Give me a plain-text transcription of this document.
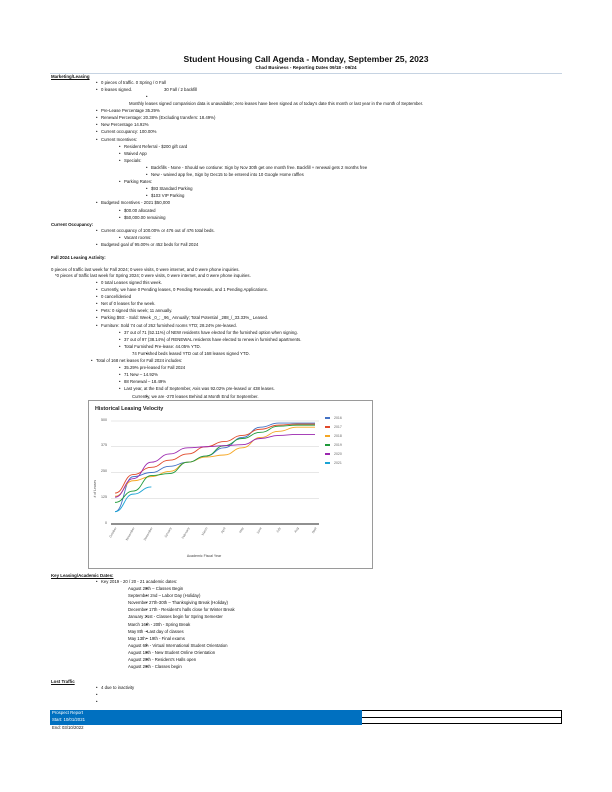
Student Housing Call Agenda - Monday, September 25, 2023
Chad Business - Reporting Dates 09/18 - 09/24
Marketing/Leasing
• 0 pieces of traffic. 0 Spring / 0 Fall
• 0 leases signed.	30 Fall / 2 backfill
•
Monthly leases signed comparision data is unavailable; zero leases have been signed as of today's date this month or last year in the month of September.
• Pre-Lease Percentage 35.29%
• Renewal Percentage: 20.38% (Excluding transfers: 18.49%)
• New Percentage 14.92%
• Current occupancy: 100.00%
• Current Incentives:
• Resident Referral - $200 gift card
• Waived App
• Specials:
• Backfills - None - Should we contiune: Sign by Nov 30th get one month free. Backfill + renewal gets 2 months free
• New - waived app fee, Sign by Dec15 to be entered into 10 Google Home raffles
• Parking Rates:
• $93 Standard Parking
• $103 VIP Parking
• Budgeted Incentives - 2021 $50,000
• $00.00 allocated
• $50,000.00 remaining
Current Occupancy:
• Current occupancy of 100.00% or 476 out of 476 total beds.
• Vacant rooms:
• Budgeted goal of 95.00% or 452 beds for Fall 2024
Fall 2024 Leasing Activity:
0 pieces of traffic last week for Fall 2024; 0 were visits, 0 were internet, and 0 were phone inquiries.
*0 pieces of traffic last week for Spring 2024; 0 were visits, 0 were internet, and 0 were phone inquiries.
• 0 total Leases signed this week.
• Currently, we have 0 Pending leases, 0 Pending Renewals, and 1 Pending Applications.
• 0 cancel/denied
• Net of 0 leases for the week.
• Pets: 0 signed this week; 11 annually.
• Parking $93: - Sold: Week _0_; _96_ Annually; Total Potential _288_/_33.33%_ Leased.
• Furniture: Sold 74 out of 262 furnished rooms YTD; 28.24% pre-leased.
• 37 out of 71 (52.11%) of NEW residents have elected for the furnished option when signing.
• 37 out of 97 (38.14%) of RENEWAL residents have elected to renew in furnished apartments.
• Total Furnished Pre-lease: 44.05% YTD.
• 74 Furnished beds leased YTD out of 168 leases signed YTD.
• Total of 168 net leases for Fall 2024 includes:
• 35.29% pre-leased for Fall 2024
• 71 New – 14.92%
• 88 Renewal – 18.49%
• Last year, at the End of September, Axis was 92.02% pre-leased or 438 leases.
• Currently, we are -270 leases Behind at Month End for September.
Historical Leasing Velocity
# of Leases
500
375
250
125
0
October	November	December	January	February	March	April	May	June	July	Aug	Sept
Academic Fiscal Year
2016
2017
2018
2019
2020
2021
Key Leasing/Academic Dates:
• Key 2019 - 20 / 20 - 21 academic dates:
• August 28th – Classes Begin
• September 2nd – Labor Day (Holiday)
• November 27th-30th – Thanksgiving Break (Holiday)
• December 17th - Resident's halls close for Winter Break
• January 21st - Classes begin for Spring Semester
• March 16th - 20th - Spring Break
• May 8th - Last day of classes
• May 13th - 19th - Final exams
• August 6th - Virtual International Student Orientation
• August 18th - New Student Online Orientation
• August 20th - Resident's Halls open
• August 26th - Classes begin
Lost Traffic
• 4 due to inactivity
•
•
Prospect Report
Start: 10/01/2021
End: 03/10/2022
